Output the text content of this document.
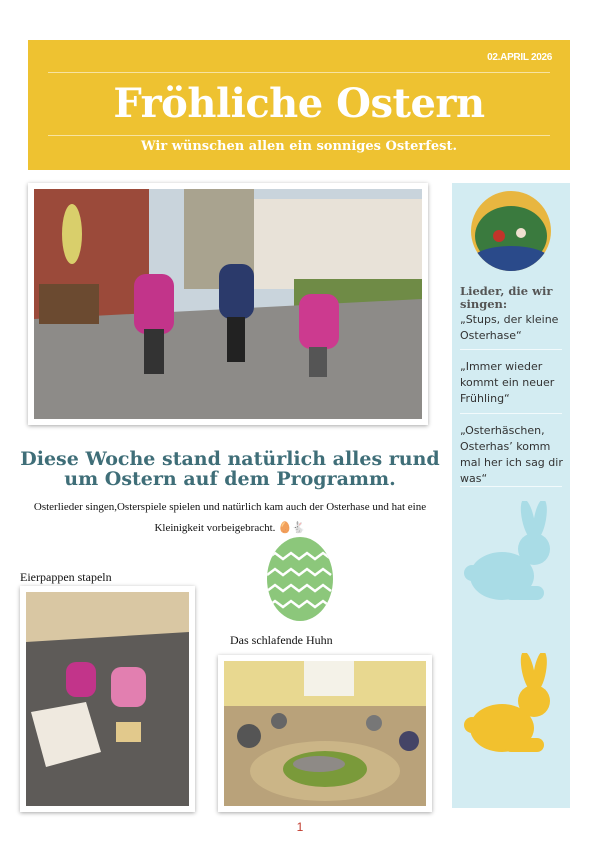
02.APRIL 2026
Fröhliche Ostern
Wir wünschen allen ein sonniges Osterfest.
Lieder, die wir singen:
„Stups, der kleine Osterhase“
„Immer wieder kommt ein neuer Frühling“
„Osterhäschen, Osterhas’ komm mal her ich sag dir was“
Diese Woche stand natürlich alles rund um Ostern auf dem Programm.
Osterlieder singen,Osterspiele spielen und natürlich kam auch der Osterhase und hat eine Kleinigkeit vorbeigebracht. 🥚🐇
Eierpappen stapeln
Das schlafende Huhn
1
